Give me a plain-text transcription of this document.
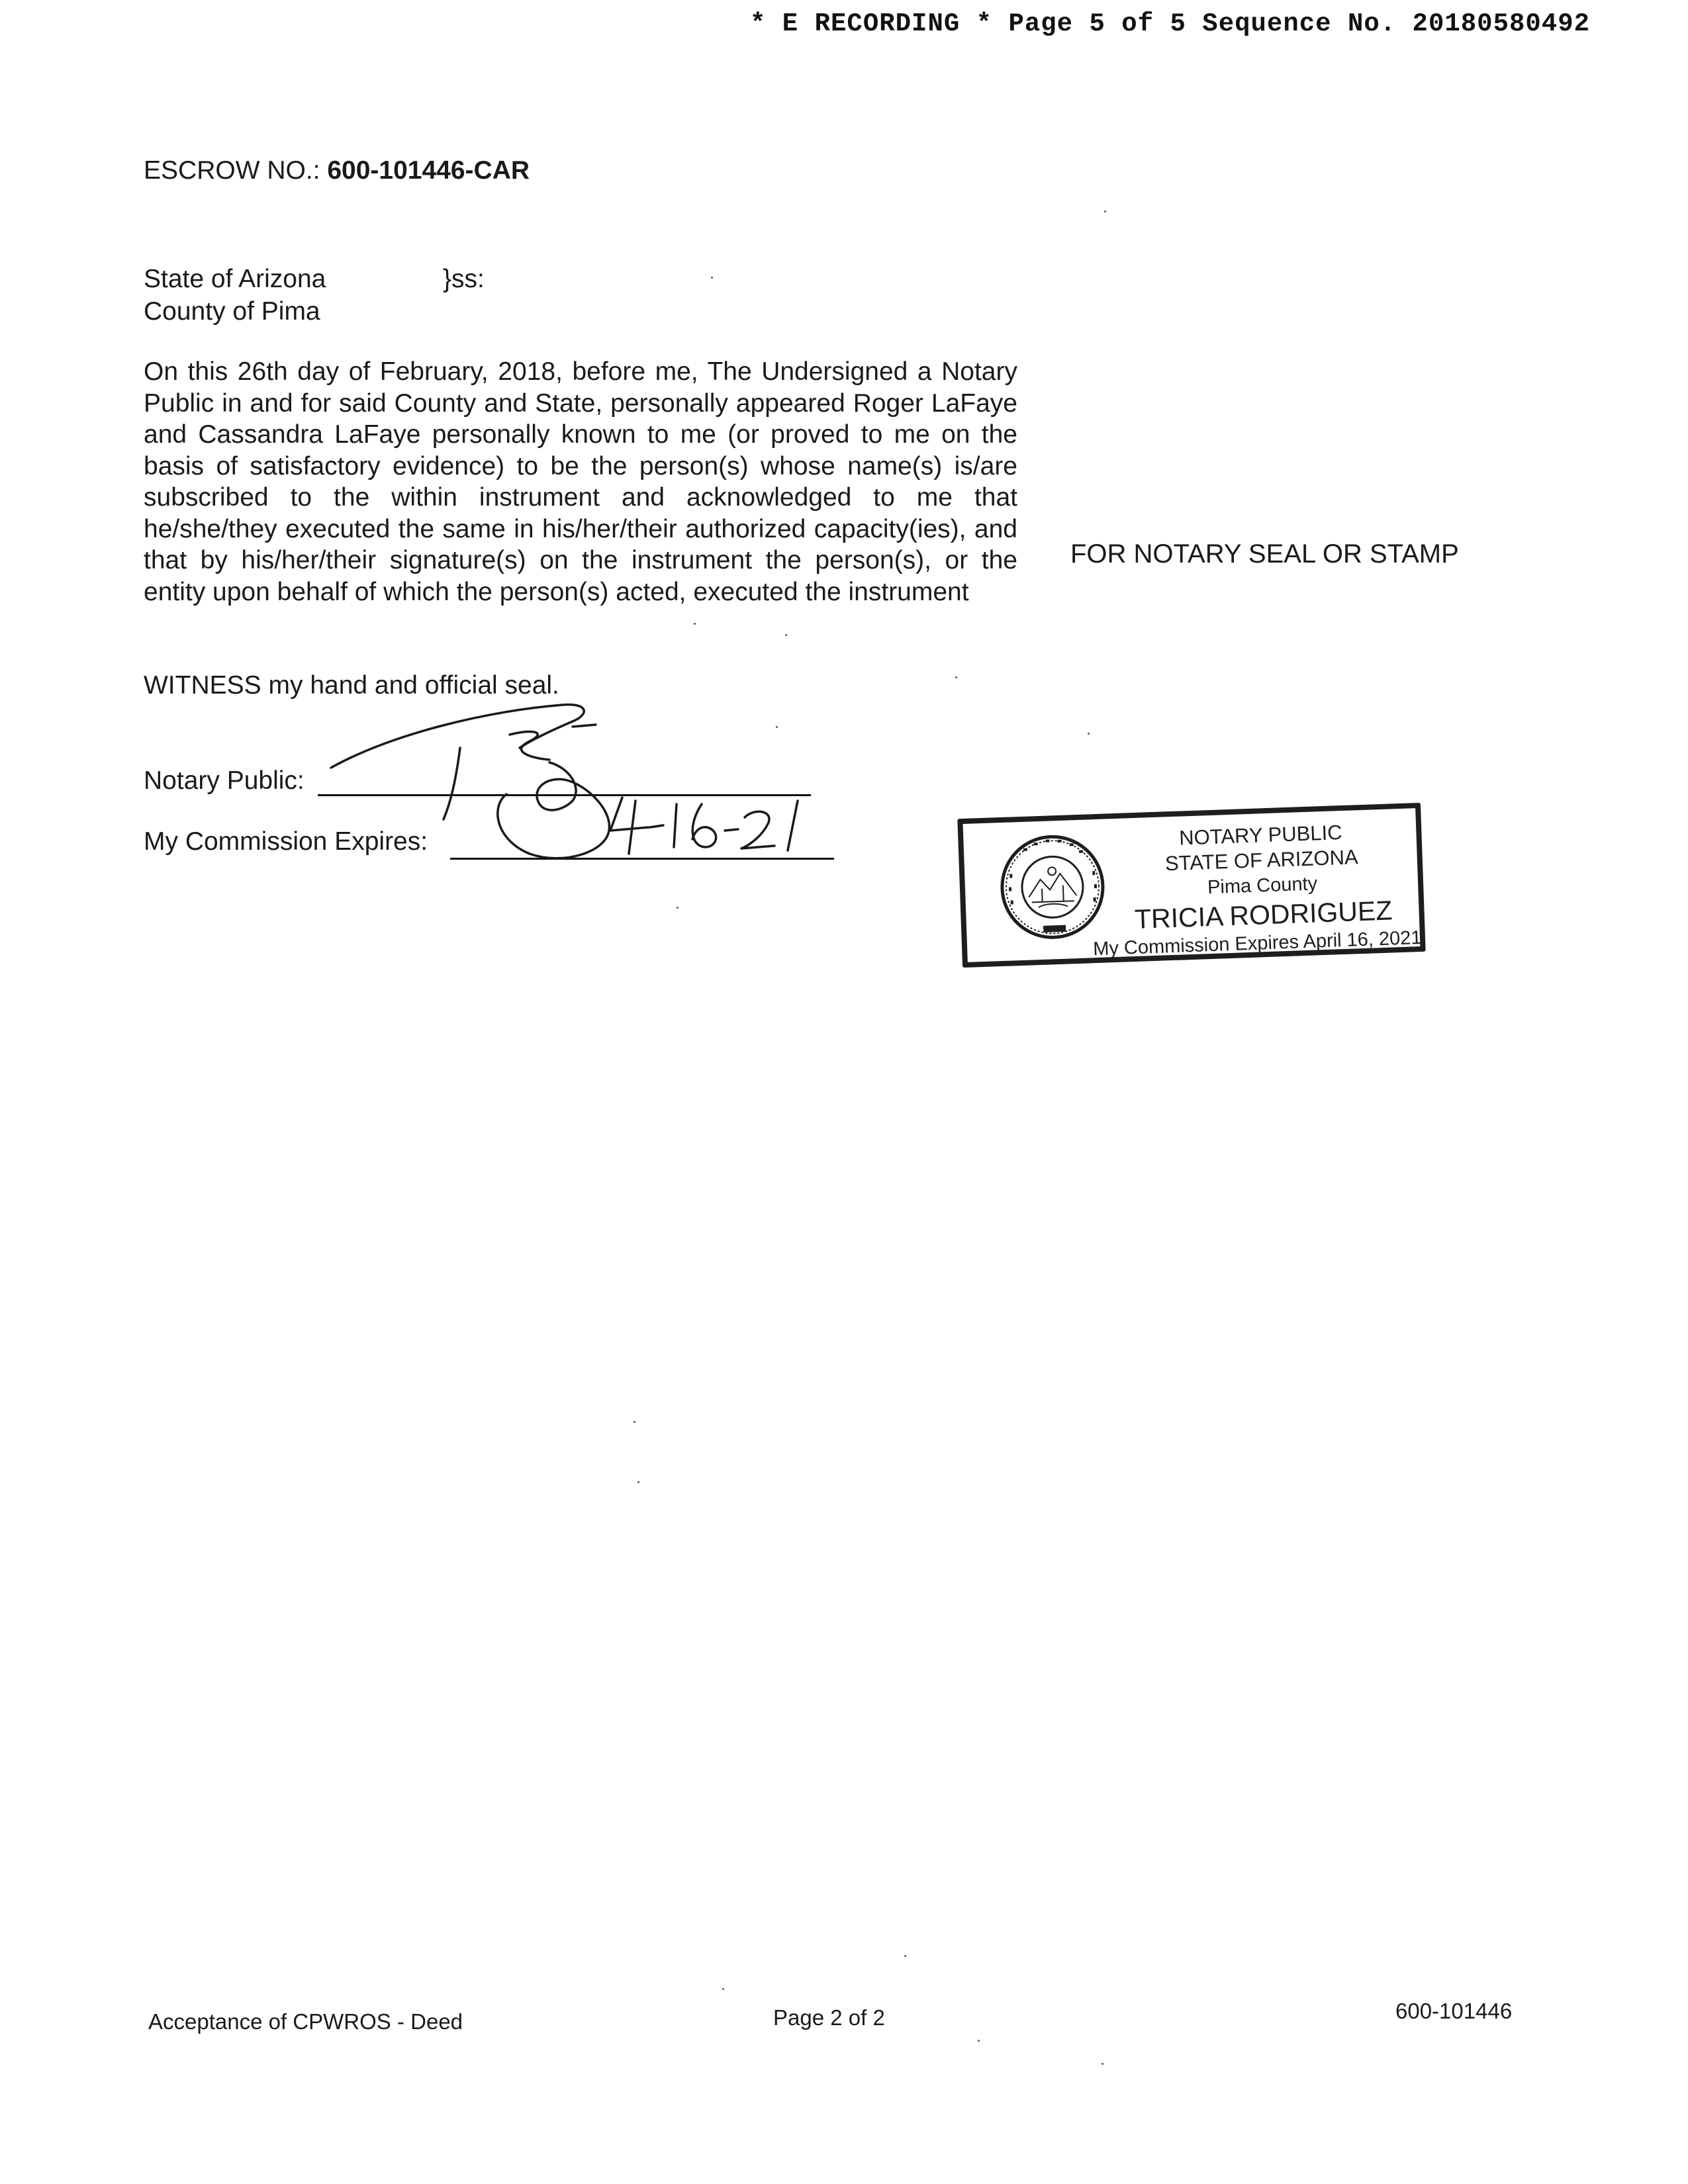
* E RECORDING * Page 5 of 5 Sequence No. 20180580492
ESCROW NO.: 600-101446-CAR
State of Arizona
County of Pima
}ss:
On this 26th day of February, 2018, before me, The Undersigned a Notary Public in and for said County and State, personally appeared Roger LaFaye and Cassandra LaFaye personally known to me (or proved to me on the basis of satisfactory evidence) to be the person(s) whose name(s) is/are subscribed to the within instrument and acknowledged to me that he/she/they executed the same in his/her/their authorized capacity(ies), and that by his/her/their signature(s) on the instrument the person(s), or the entity upon behalf of which the person(s) acted, executed the instrument
FOR NOTARY SEAL OR STAMP
WITNESS my hand and official seal.
Notary Public:
My Commission Expires:	NOTARY PUBLIC
STATE OF ARIZONA
Pima County
TRICIA RODRIGUEZ
My Commission Expires April 16, 2021
Acceptance of CPWROS - Deed	Page 2 of 2	600-101446
